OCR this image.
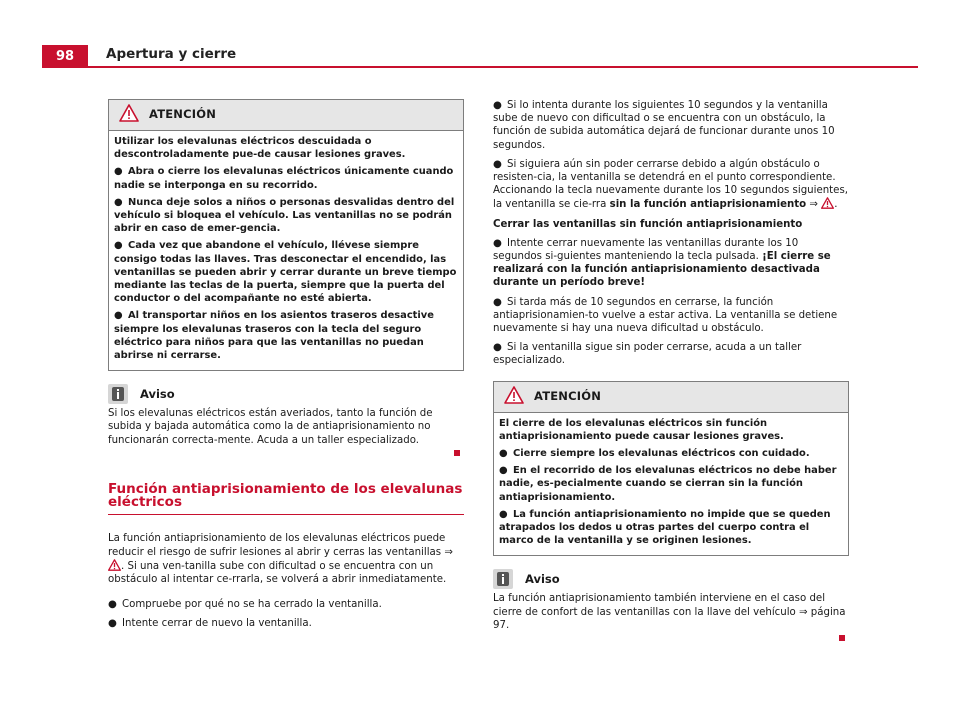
98	Apertura y cierre
ATENCIÓN

Utilizar los elevalunas eléctricos descuidada o descontroladamente pue-de causar lesiones graves.

● Abra o cierre los elevalunas eléctricos únicamente cuando nadie se interponga en su recorrido.

● Nunca deje solos a niños o personas desvalidas dentro del vehículo si bloquea el vehículo. Las ventanillas no se podrán abrir en caso de emer-gencia.

● Cada vez que abandone el vehículo, llévese siempre consigo todas las llaves. Tras desconectar el encendido, las ventanillas se pueden abrir y cerrar durante un breve tiempo mediante las teclas de la puerta, siempre que la puerta del conductor o del acompañante no esté abierta.

● Al transportar niños en los asientos traseros desactive siempre los elevalunas traseros con la tecla del seguro eléctrico para niños para que las ventanillas no puedan abrirse ni cerrarse.

Aviso

Si los elevalunas eléctricos están averiados, tanto la función de subida y bajada automática como la de antiaprisionamiento no funcionarán correcta-mente. Acuda a un taller especializado.

Función antiaprisionamiento de los elevalunas eléctricos

La función antiaprisionamiento de los elevalunas eléctricos puede reducir el riesgo de sufrir lesiones al abrir y cerras las ventanillas ⇒ . Si una ven-tanilla sube con dificultad o se encuentra con un obstáculo al intentar ce-rrarla, se volverá a abrir inmediatamente.

● Compruebe por qué no se ha cerrado la ventanilla.

● Intente cerrar de nuevo la ventanilla.

● Si lo intenta durante los siguientes 10 segundos y la ventanilla sube de nuevo con dificultad o se encuentra con un obstáculo, la función de subida automática dejará de funcionar durante unos 10 segundos.

● Si siguiera aún sin poder cerrarse debido a algún obstáculo o resisten-cia, la ventanilla se detendrá en el punto correspondiente. Accionando la tecla nuevamente durante los 10 segundos siguientes, la ventanilla se cie-rra sin la función antiaprisionamiento ⇒ .

Cerrar las ventanillas sin función antiaprisionamiento

● Intente cerrar nuevamente las ventanillas durante los 10 segundos si-guientes manteniendo la tecla pulsada. ¡El cierre se realizará con la función antiaprisionamiento desactivada durante un período breve!

● Si tarda más de 10 segundos en cerrarse, la función antiaprisionamien-to vuelve a estar activa. La ventanilla se detiene nuevamente si hay una nueva dificultad u obstáculo.

● Si la ventanilla sigue sin poder cerrarse, acuda a un taller especializado.

ATENCIÓN

El cierre de los elevalunas eléctricos sin función antiaprisionamiento puede causar lesiones graves.

● Cierre siempre los elevalunas eléctricos con cuidado.

● En el recorrido de los elevalunas eléctricos no debe haber nadie, es-pecialmente cuando se cierran sin la función antiaprisionamiento.

● La función antiaprisionamiento no impide que se queden atrapados los dedos u otras partes del cuerpo contra el marco de la ventanilla y se originen lesiones.

Aviso

La función antiaprisionamiento también interviene en el caso del cierre de confort de las ventanillas con la llave del vehículo ⇒ página 97.
